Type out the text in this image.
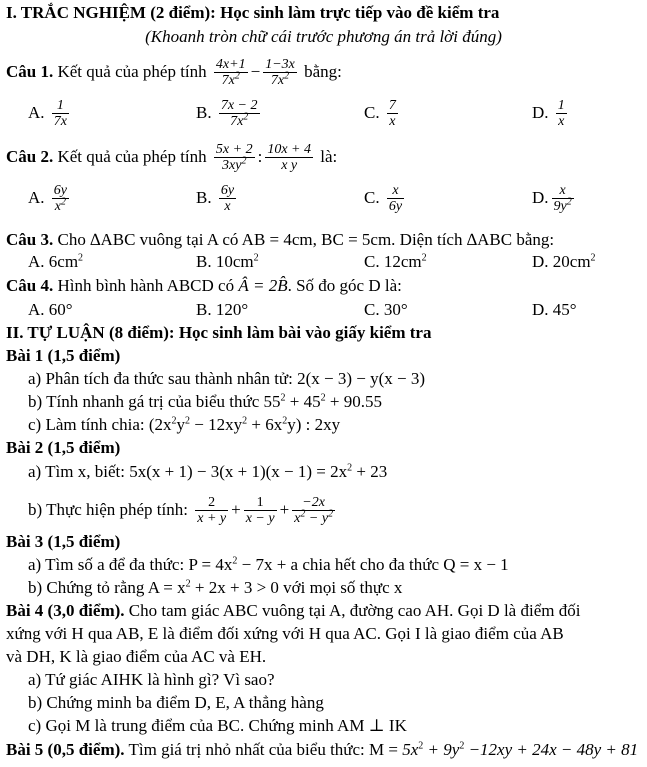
I. TRẮC NGHIỆM (2 điểm): Học sinh làm trực tiếp vào đề kiểm tra
(Khoanh tròn chữ cái trước phương án trả lời đúng)
Câu 1. Kết quả của phép tính $\frac{4x+1}{7x^2} - \frac{1-3x}{7x^2}$ bằng:
A. $\frac{1}{7x}$	B. $\frac{7x - 2}{7x^2}$	C. $\frac{7}{x}$	D. $\frac{1}{x}$
Câu 2. Kết quả của phép tính $\frac{5x + 2}{3xy^2}$ : $\frac{10x + 4}{\text{x y}}$ là:
A. $\frac{6y}{x^2}$	B. $\frac{6y}{x}$	C. $\frac{x}{6y}$	D. $\frac{x}{9y^2}$
Câu 3. Cho ∆ABC vuông tại A có AB = 4cm, BC = 5cm. Diện tích ∆ABC bằng:
A. $6cm^2$	B. $10cm^2$	C. $12cm^2$	D. $20cm^2$
Câu 4. Hình bình hành ABCD có Â = 2B̂. Số đo góc D là:
A. 60°	B. 120°	C. 30°	D. 45°
II. TỰ LUẬN (8 điểm): Học sinh làm bài vào giấy kiểm tra
Bài 1 (1,5 điểm)
a) Phân tích đa thức sau thành nhân tử: 2(x − 3) − y(x − 3)
b) Tính nhanh gá trị của biểu thức $55^2 + 45^2 + 90.55$
c) Làm tính chia: $(2x^2y^2 - 12xy^2 + 6x^2y)$ : 2xy
Bài 2 (1,5 điểm)
a) Tìm x, biết: $5x(x + 1) - 3(x + 1)(x - 1) = 2x^2 + 23$
b) Thực hiện phép tính: $\frac{2}{x + y} + \frac{1}{x - y} + \frac{-2x}{x^2 - y^2}$
Bài 3 (1,5 điểm)
a) Tìm số a để đa thức: $P = 4x^2 - 7x + a$ chia hết cho đa thức Q = x − 1
b) Chứng tỏ rằng $A = x^2 + 2x + 3 > 0$ với mọi số thực x
Bài 4 (3,0 điểm). Cho tam giác ABC vuông tại A, đường cao AH. Gọi D là điểm đối
xứng với H qua AB, E là điểm đối xứng với H qua AC. Gọi I là giao điểm của AB
và DH, K là giao điểm của AC và EH.
a) Tứ giác AIHK là hình gì? Vì sao?
b) Chứng minh ba điểm D, E, A thẳng hàng
c) Gọi M là trung điểm của BC. Chứng minh AM ⊥ IK
Bài 5 (0,5 điểm). Tìm giá trị nhỏ nhất của biểu thức: $M = 5x^2 + 9y^2 -12xy + 24x - 48y + 81$
